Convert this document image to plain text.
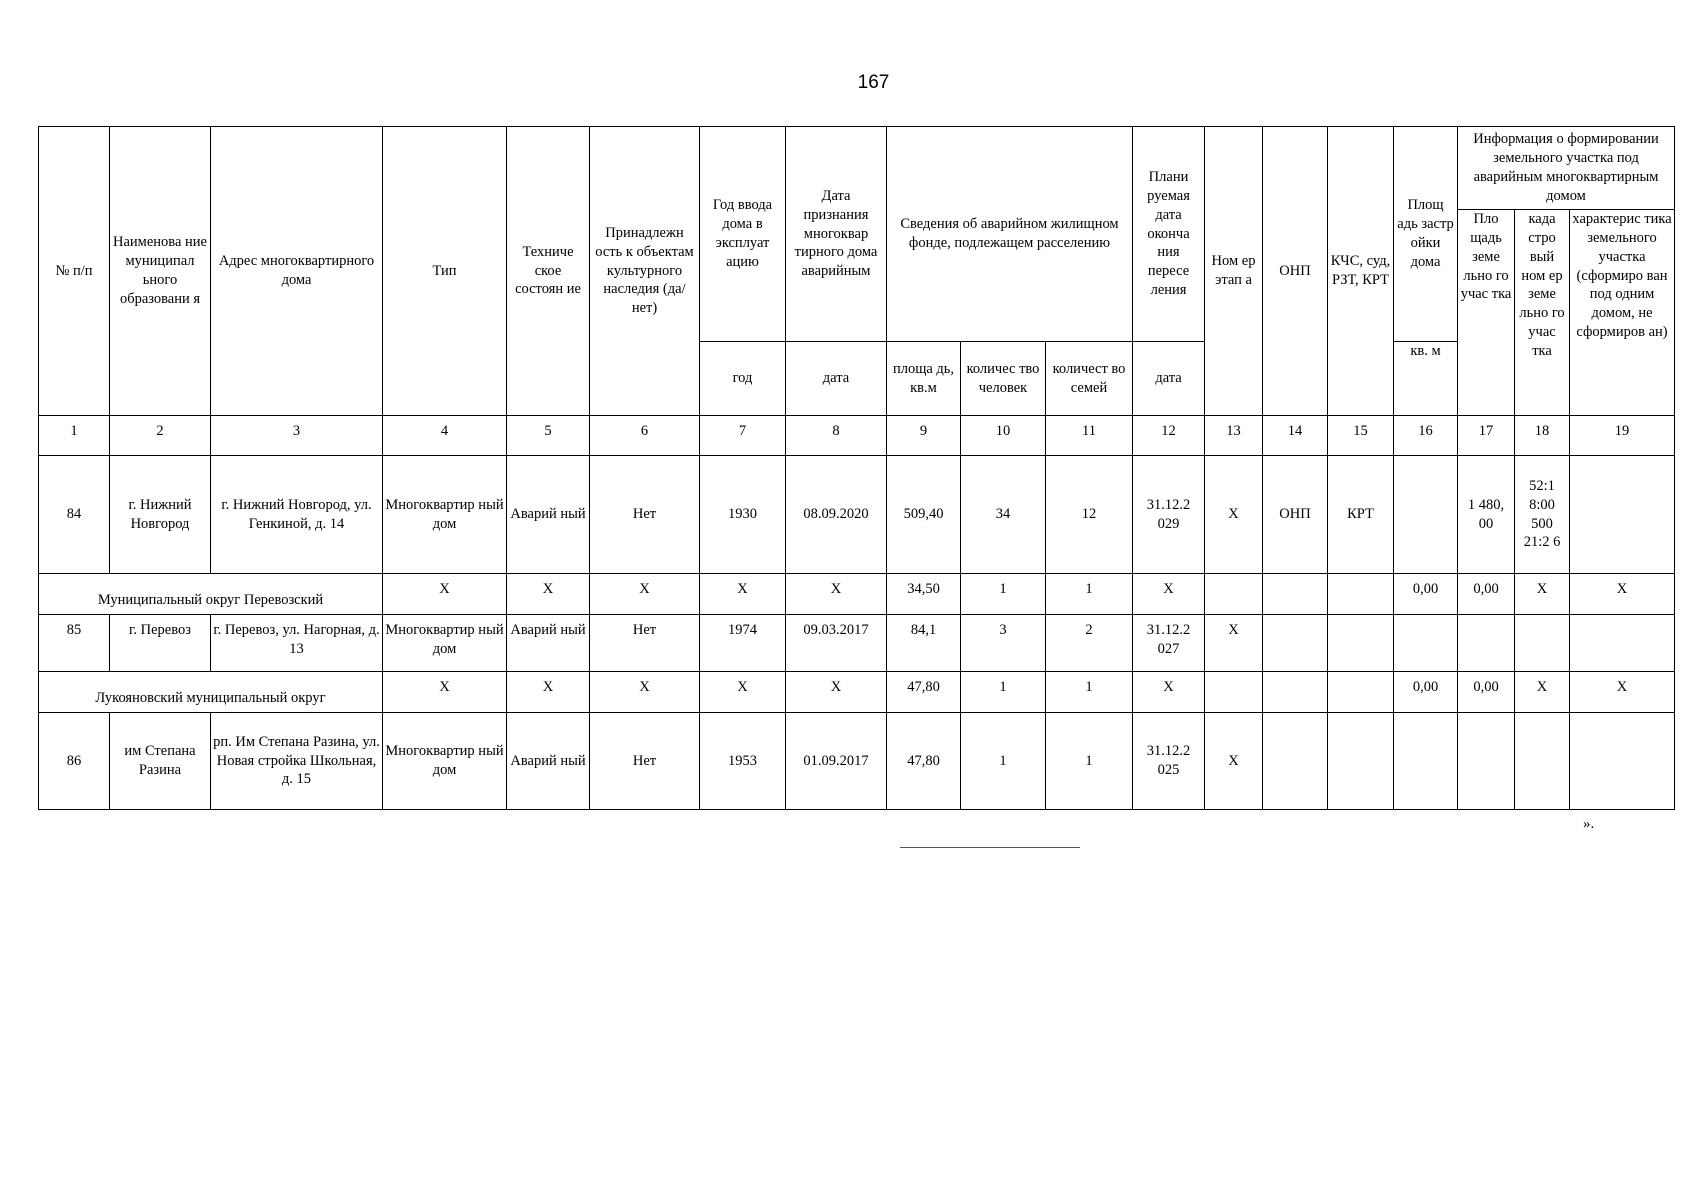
167
№ п/п	Наименова ние муниципал ьного образовани я	Адрес многоквартирного дома	Тип	Техниче ское состоян ие	Принадлежн ость к объектам культурного наследия (да/нет)	Год ввода дома в эксплуат ацию	Дата признания многоквар тирного дома аварийным	Сведения об аварийном жилищном фонде, подлежащем расселению			Плани руемая дата оконча ния пересе ления	Ном ер этап а	ОНП	КЧС, суд, РЗТ, КРТ	Площ адь застр ойки дома	Информация о формировании земельного участка под аварийным многоквартирным домом		
																Пло щадь земе льно го учас тка	када стро вый ном ер земе льно го учас тка	характерис тика земельного участка (сформиро ван под одним домом, не сформиров ан)
						год	дата	площа дь, кв.м	количес тво человек	количест во семей	дата				кв. м			
1	2	3	4	5	6	7	8	9	10	11	12	13	14	15	16	17	18	19
84	г. Нижний Новгород	г. Нижний Новгород, ул. Генкиной, д. 14	Многоквартир ный дом	Аварий ный	Нет	1930	08.09.2020	509,40	34	12	31.12.2 029	Х	ОНП	КРТ		1 480, 00	52:1 8:00 500 21:2 6	
Муниципальный округ Перевозский			Х	Х	Х	Х	Х	34,50	1	1	Х				0,00	0,00	Х	Х
85	г. Перевоз	г. Перевоз, ул. Нагорная, д. 13	Многоквартир ный дом	Аварий ный	Нет	1974	09.03.2017	84,1	3	2	31.12.2 027	Х						
Лукояновский муниципальный округ			Х	Х	Х	Х	Х	47,80	1	1	Х				0,00	0,00	Х	Х
86	им Степана Разина	рп. Им Степана Разина, ул. Новая стройка Школьная, д. 15	Многоквартир ный дом	Аварий ный	Нет	1953	01.09.2017	47,80	1	1	31.12.2 025	Х						
».
